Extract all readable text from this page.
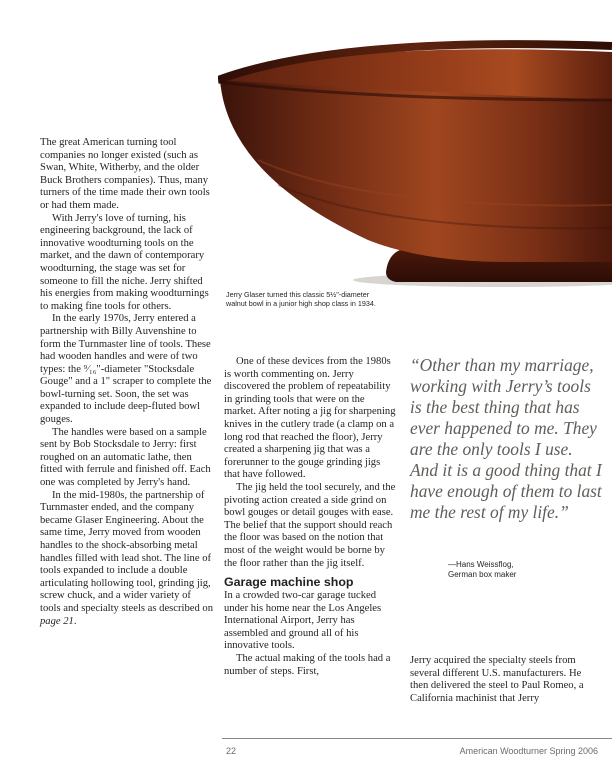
Jerry Glaser turned this classic 5½"-diameter walnut bowl in a junior high shop class in 1934.

The great American turning tool companies no longer existed (such as Swan, White, Witherby, and the older Buck Brothers companies). Thus, many turners of the time made their own tools or had them made.

With Jerry's love of turning, his engineering background, the lack of innovative woodturning tools on the market, and the dawn of contemporary woodturning, the stage was set for someone to fill the niche. Jerry shifted his energies from making woodturnings to making fine tools for others.

In the early 1970s, Jerry entered a partnership with Billy Auvenshine to form the Turnmaster line of tools. These had wooden handles and were of two types: the ⁹⁄₁₆"-diameter "Stocksdale Gouge" and a 1" scraper to complete the bowl-turning set. Soon, the set was expanded to include deep-fluted bowl gouges.

The handles were based on a sample sent by Bob Stocksdale to Jerry: first roughed on an automatic lathe, then fitted with ferrule and finished off. Each one was completed by Jerry's hand.

In the mid-1980s, the partnership of Turnmaster ended, and the company became Glaser Engineering. About the same time, Jerry moved from wooden handles to the shock-absorbing metal handles filled with lead shot. The line of tools expanded to include a double articulating hollowing tool, grinding jig, screw chuck, and a wider variety of tools and specialty steels as described on page 21.

One of these devices from the 1980s is worth commenting on. Jerry discovered the problem of repeatability in grinding tools that were on the market. After noting a jig for sharpening knives in the cutlery trade (a clamp on a long rod that reached the floor), Jerry created a sharpening jig that was a forerunner to the gouge grinding jigs that have followed.

The jig held the tool securely, and the pivoting action created a side grind on bowl gouges or detail gouges with ease. The belief that the support should reach the floor was based on the notion that most of the weight would be borne by the floor rather than the jig itself.

Garage machine shop

In a crowded two-car garage tucked under his home near the Los Angeles International Airport, Jerry has assembled and ground all of his innovative tools.

The actual making of the tools had a number of steps. First,

“Other than my marriage, working with Jerry’s tools is the best thing that has ever happened to me. They are the only tools I use. And it is a good thing that I have enough of them to last me the rest of my life.”
—Hans Weissflog,
German box maker

Jerry acquired the specialty steels from several different U.S. manufacturers. He then delivered the steel to Paul Romeo, a California machinist that Jerry

22	American Woodturner Spring 2006
